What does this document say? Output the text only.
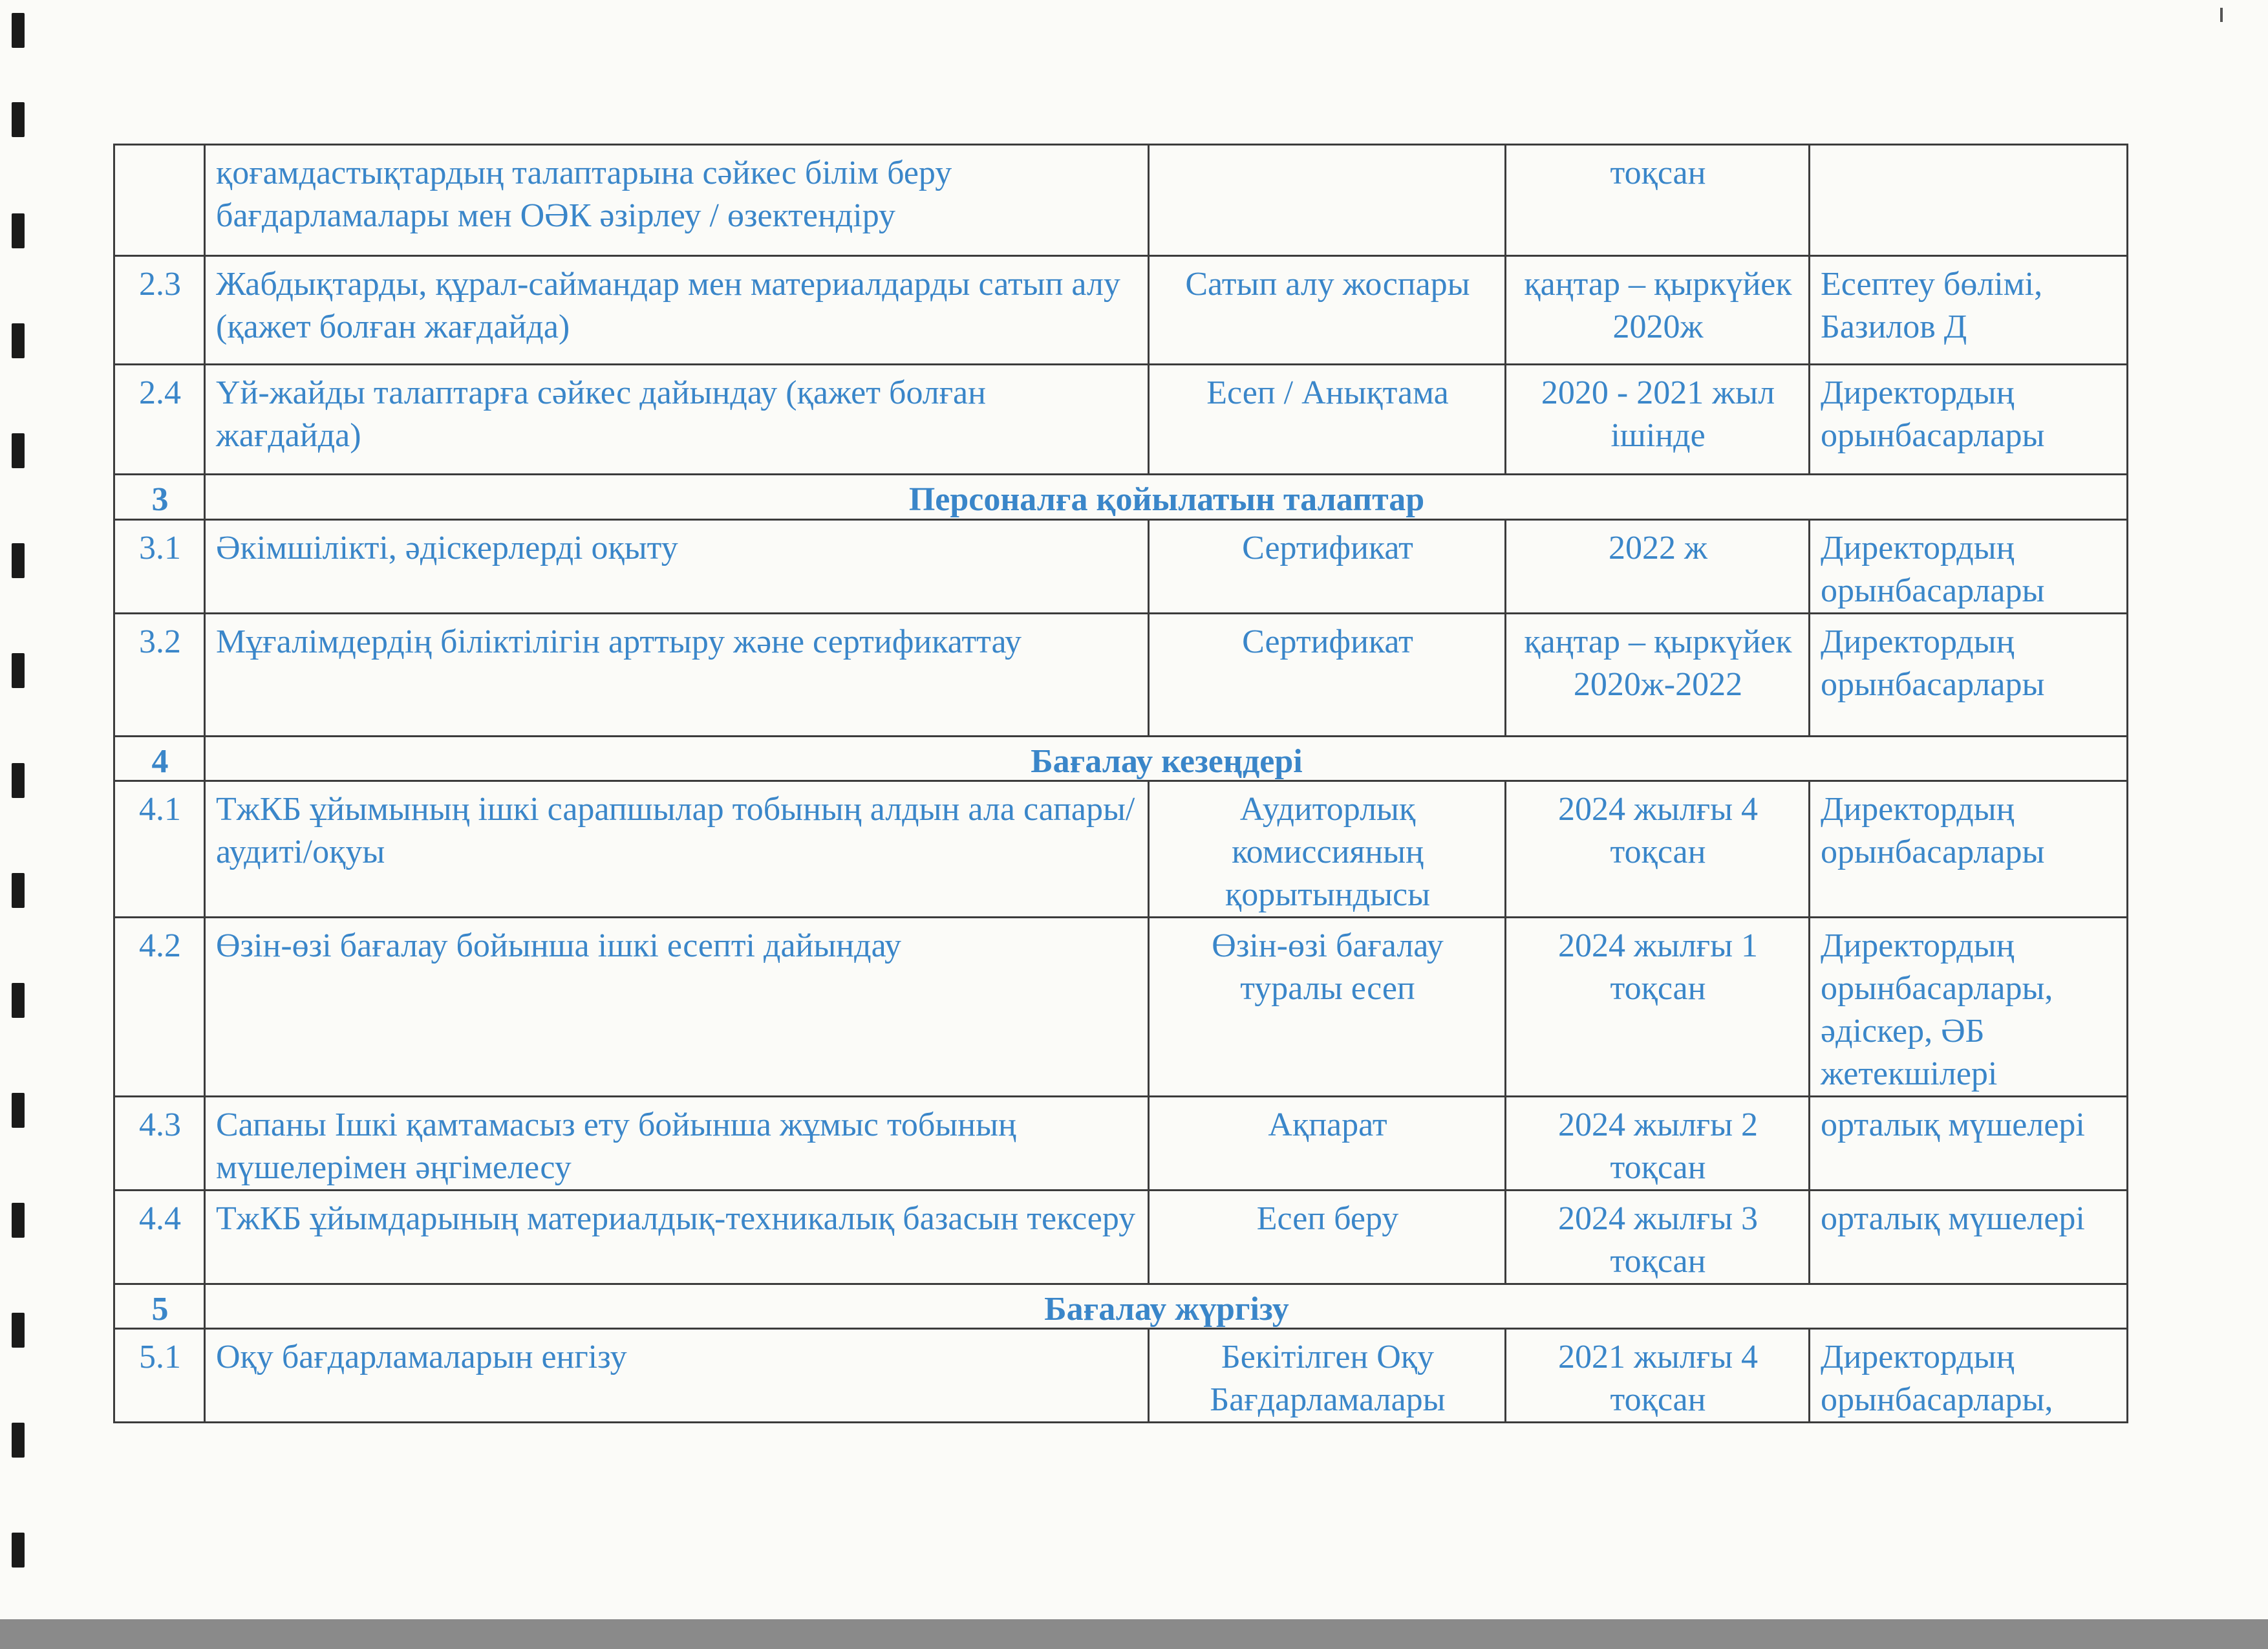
	қоғамдастықтардың талаптарына сәйкес білім беру бағдарламалары мен ОӘК әзірлеу / өзектендіру		тоқсан	
2.3	Жабдықтарды, құрал-саймандар мен материалдарды сатып алу (қажет болған жағдайда)	Сатып алу жоспары	қаңтар – қыркүйек 2020ж	Есептеу бөлімі, Базилов Д
2.4	Үй-жайды талаптарға сәйкес дайындау (қажет болған жағдайда)	Есеп / Анықтама	2020 - 2021 жыл ішінде	Директордың орынбасарлары
3	Персоналға қойылатын талаптар			
3.1	Әкімшілікті, әдіскерлерді оқыту	Сертификат	2022 ж	Директордың орынбасарлары
3.2	Мұғалімдердің біліктілігін арттыру және сертификаттау	Сертификат	қаңтар – қыркүйек 2020ж-2022	Директордың орынбасарлары
4	Бағалау кезеңдері			
4.1	ТжКБ ұйымының ішкі сарапшылар тобының алдын ала сапары/аудиті/оқуы	Аудиторлық комиссияның қорытындысы	2024 жылғы 4 тоқсан	Директордың орынбасарлары
4.2	Өзін-өзі бағалау бойынша ішкі есепті дайындау	Өзін-өзі бағалау туралы есеп	2024 жылғы 1 тоқсан	Директордың орынбасарлары, әдіскер, ӘБ жетекшілері
4.3	Сапаны Ішкі қамтамасыз ету бойынша жұмыс тобының мүшелерімен әңгімелесу	Ақпарат	2024 жылғы 2 тоқсан	орталық мүшелері
4.4	ТжКБ ұйымдарының материалдық-техникалық базасын тексеру	Есеп беру	2024 жылғы 3 тоқсан	орталық мүшелері
5	Бағалау жүргізу			
5.1	Оқу бағдарламаларын енгізу	Бекітілген Оқу Бағдарламалары	2021 жылғы 4 тоқсан	Директордың орынбасарлары,
